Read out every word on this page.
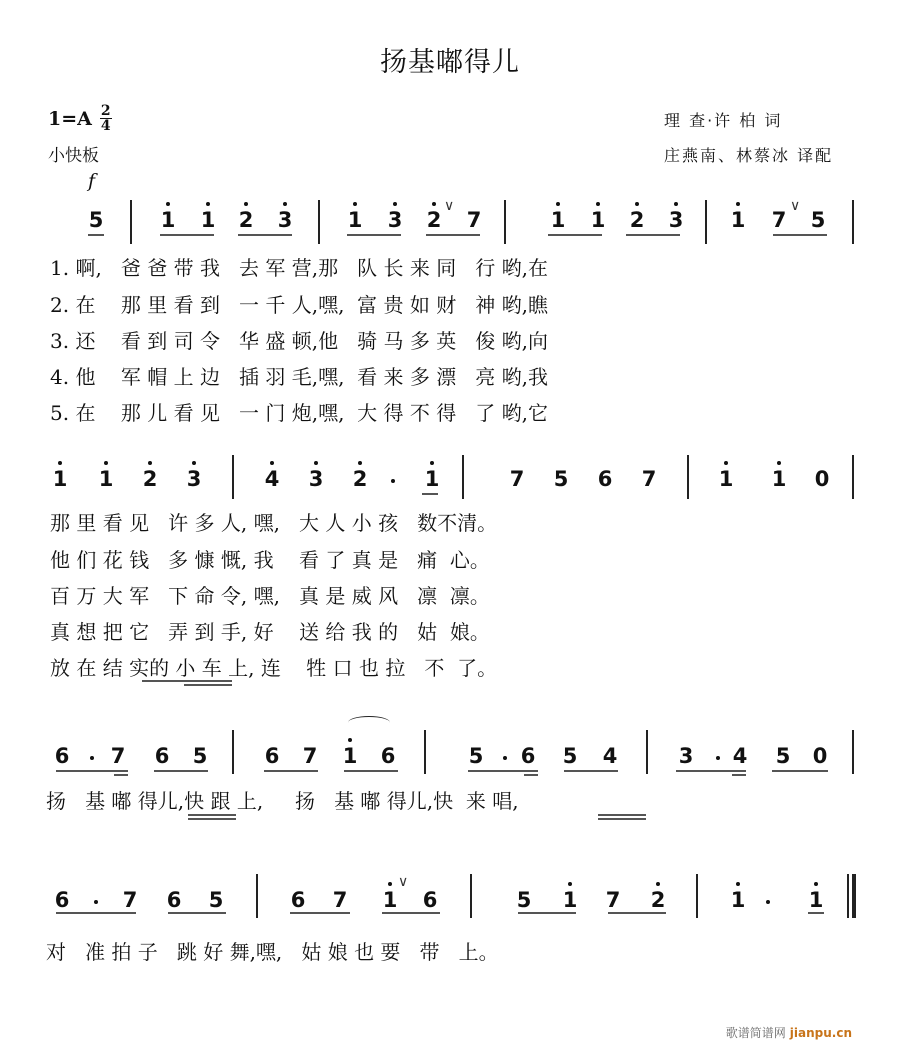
扬基嘟得儿
$1=A \frac{2}{4}$
小快板
f
理 查·许 柏 词
庄燕南、林蔡冰 译配
5	1 1 2 3	1 3 2
∨
7	1 1 2 3 1 7
∨
5
1. 啊,   爸 爸 带 我   去 军 营,那   队 长 来 同   行 哟,在
2. 在    那 里 看 到   一 千 人,嘿,  富 贵 如 财   神 哟,瞧
3. 还    看 到 司 令   华 盛 顿,他   骑 马 多 英   俊 哟,向
4. 他    军 帽 上 边   插 羽 毛,嘿,  看 来 多 漂   亮 哟,我
5. 在    那 儿 看 见   一 门 炮,嘿,  大 得 不 得   了 哟,它
1 1 2 3	4 3 2	1	7 5 6 7	1 1 0
那 里 看 见   许 多 人, 嘿,   大 人 小 孩   数不清。
他 们 花 钱   多 慷 慨, 我    看 了 真 是   痛  心。
百 万 大 军   下 命 令, 嘿,   真 是 威 风   凛  凛。
真 想 把 它   弄 到 手, 好    送 给 我 的   姑  娘。
放 在 结 实的 小 车 上, 连    牲 口 也 拉   不  了。
6 7 6 5	6 7 1 6	5 6 5 4	3 4 5 0
扬   基 嘟 得儿,快 跟 上,     扬   基 嘟 得儿,快  来 唱,
6	7 6 5	6 7 1
∨
6	5 1 7 2	1	1
对   准 拍 子   跳 好 舞,嘿,   姑 娘 也 要   带   上。
歌谱简谱网 jianpu.cn
